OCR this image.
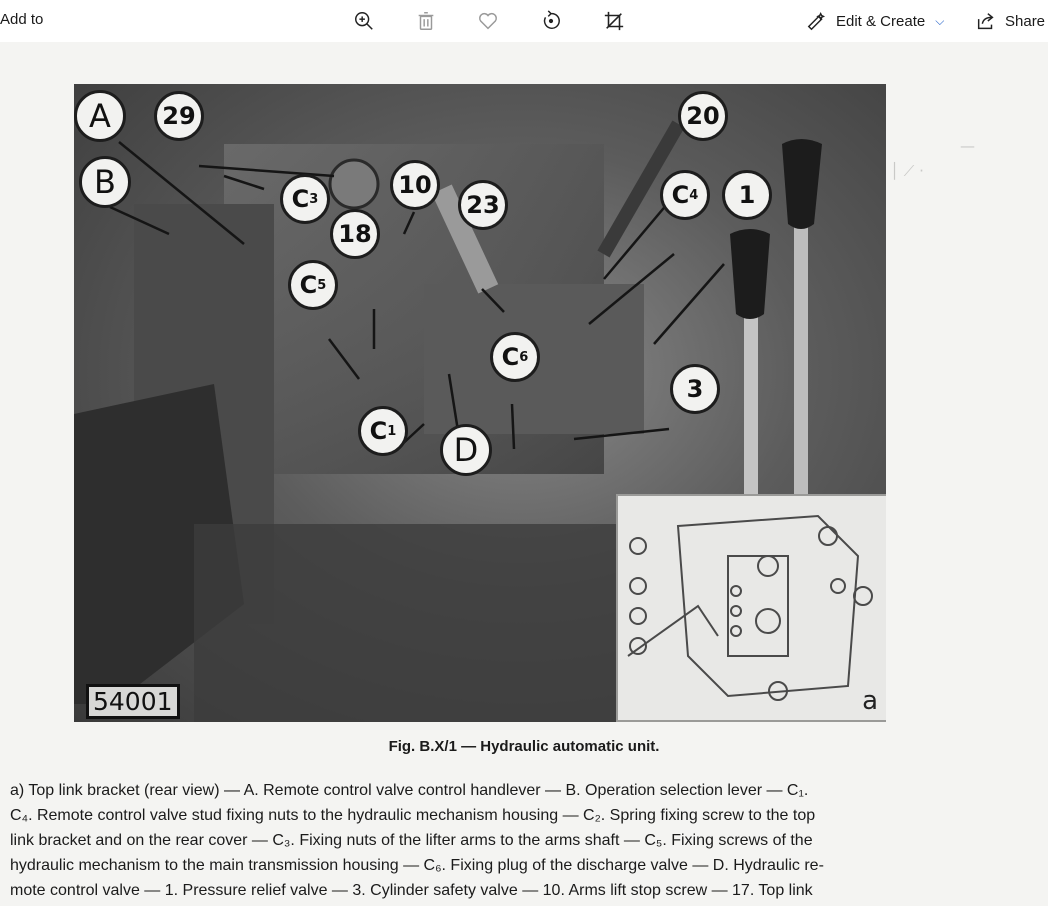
Add to	Edit & Create ⌵	Share
│ ⟋ ·
—
A
B
29
10
20
23
18
1
3
D
C 3	C 4
C 5
C 6
C 1
54001	a
Fig. B.X/1 — Hydraulic automatic unit.
a) Top link bracket (rear view) — A. Remote control valve control handlever — B. Operation selection lever — C₁.
C₄. Remote control valve stud fixing nuts to the hydraulic mechanism housing — C₂. Spring fixing screw to the top
link bracket and on the rear cover — C₃. Fixing nuts of the lifter arms to the arms shaft — C₅. Fixing screws of the
hydraulic mechanism to the main transmission housing — C₆. Fixing plug of the discharge valve — D. Hydraulic re-
mote control valve — 1. Pressure relief valve — 3. Cylinder safety valve — 10. Arms lift stop screw — 17. Top link
